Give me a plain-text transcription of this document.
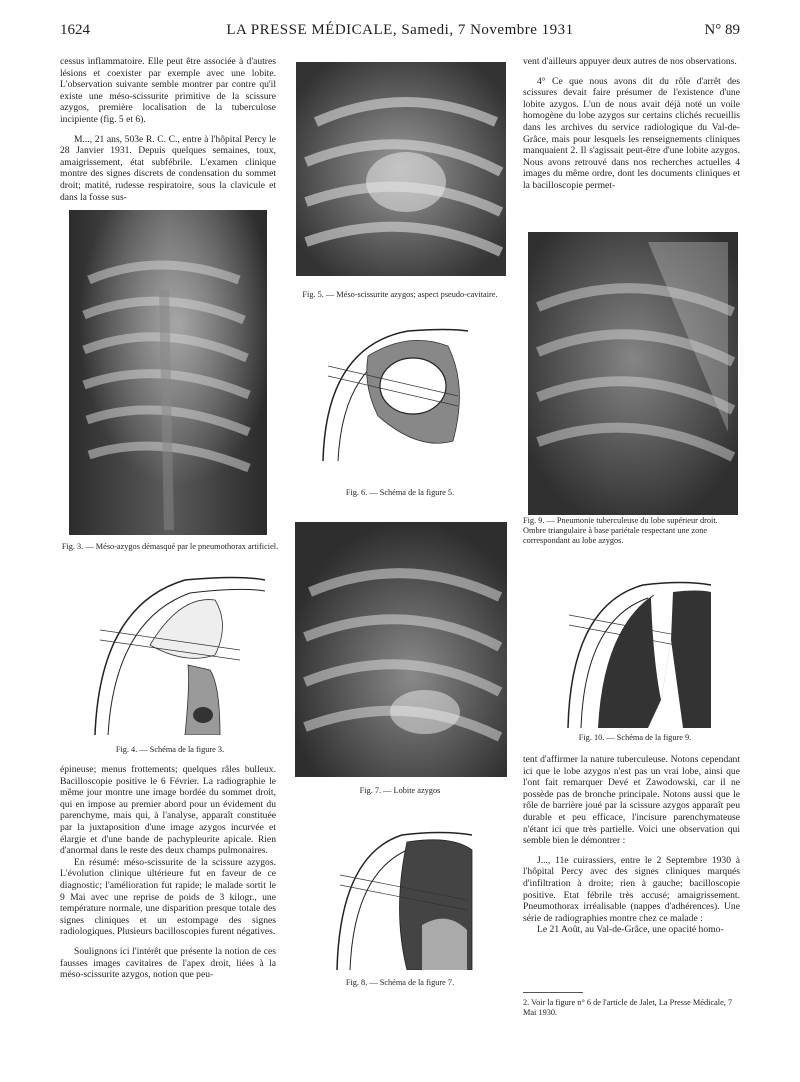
1624	LA PRESSE MÉDICALE, Samedi, 7 Novembre 1931	N° 89

cessus inflammatoire. Elle peut être associée à d'autres lésions et coexister par exemple avec une lobite. L'observation suivante semble montrer par contre qu'il existe une méso-scissurite primitive de la scissure azygos, première localisation de la tuberculose incipiente (fig. 5 et 6).

M..., 21 ans, 503e R. C. C., entre à l'hôpital Percy le 28 Janvier 1931. Depuis quelques semaines, toux, amaigrissement, état subfébrile. L'examen clinique montre des signes discrets de condensation du sommet droit; matité, rudesse respiratoire, sous la clavicule et dans la fosse sus-

Fig. 3. — Méso-azygos démasqué par le pneumothorax artificiel.
Fig. 4. — Schéma de la figure 3.

épineuse; menus frottements; quelques râles bulleux. Bacilloscopie positive le 6 Février. La radiographie le même jour montre une image bordée du sommet droit, qui en impose au premier abord pour un évidement du parenchyme, mais qui, à l'analyse, apparaît constituée par la juxtaposition d'une image azygos incurvée et élargie et d'une bande de pachypleurite apicale. Rien d'anormal dans le reste des deux champs pulmonaires.

En résumé: méso-scissurite de la scissure azygos. L'évolution clinique ultérieure fut en faveur de ce diagnostic; l'amélioration fut rapide; le malade sortit le 9 Mai avec une reprise de poids de 3 kilogr., une température normale, une disparition presque totale des signes cliniques et un estompage des signes radiologiques. Plusieurs bacilloscopies furent négatives.

Soulignons ici l'intérêt que présente la notion de ces fausses images cavitaires de l'apex droit, liées à la méso-scissurite azygos, notion que peu-

Fig. 5. — Méso-scissurite azygos; aspect pseudo-cavitaire.
Fig. 6. — Schéma de la figure 5.
Fig. 7. — Lobite azygos
Fig. 8. — Schéma de la figure 7.

vent d'ailleurs appuyer deux autres de nos observations.

4° Ce que nous avons dit du rôle d'arrêt des scissures devait faire présumer de l'existence d'une lobite azygos. L'un de nous avait déjà noté un voile homogène du lobe azygos sur certains clichés recueillis dans les archives du service radiologique du Val-de-Grâce, mais pour lesquels les renseignements cliniques manquaient 2. Il s'agissait peut-être d'une lobite azygos. Nous avons retrouvé dans nos recherches actuelles 4 images du même ordre, dont les documents cliniques et la bacilloscopie permet-

Fig. 9. — Pneumonie tuberculeuse du lobe supérieur droit. Ombre triangulaire à base pariétale respectant une zone correspondant au lobe azygos.
Fig. 10. — Schéma de la figure 9.

tent d'affirmer la nature tuberculeuse. Notons cependant ici que le lobe azygos n'est pas un vrai lobe, ainsi que l'ont fait remarquer Devé et Zawodowski, car il ne possède pas de bronche principale. Notons aussi que le rôle de barrière joué par la scissure azygos apparaît peu durable et peu efficace, l'incisure parenchymateuse n'étant ici que très partielle. Voici une observation qui semble bien le démontrer :

J..., 11e cuirassiers, entre le 2 Septembre 1930 à l'hôpital Percy avec des signes cliniques marqués d'infiltration à droite; rien à gauche; bacilloscopie positive. Etat fébrile très accusé; amaigrissement. Pneumothorax irréalisable (nappes d'adhérences). Une série de radiographies montre chez ce malade :

Le 21 Août, au Val-de-Grâce, une opacité homo-

2. Voir la figure n° 6 de l'article de Jalet, La Presse Médicale, 7 Mai 1930.
